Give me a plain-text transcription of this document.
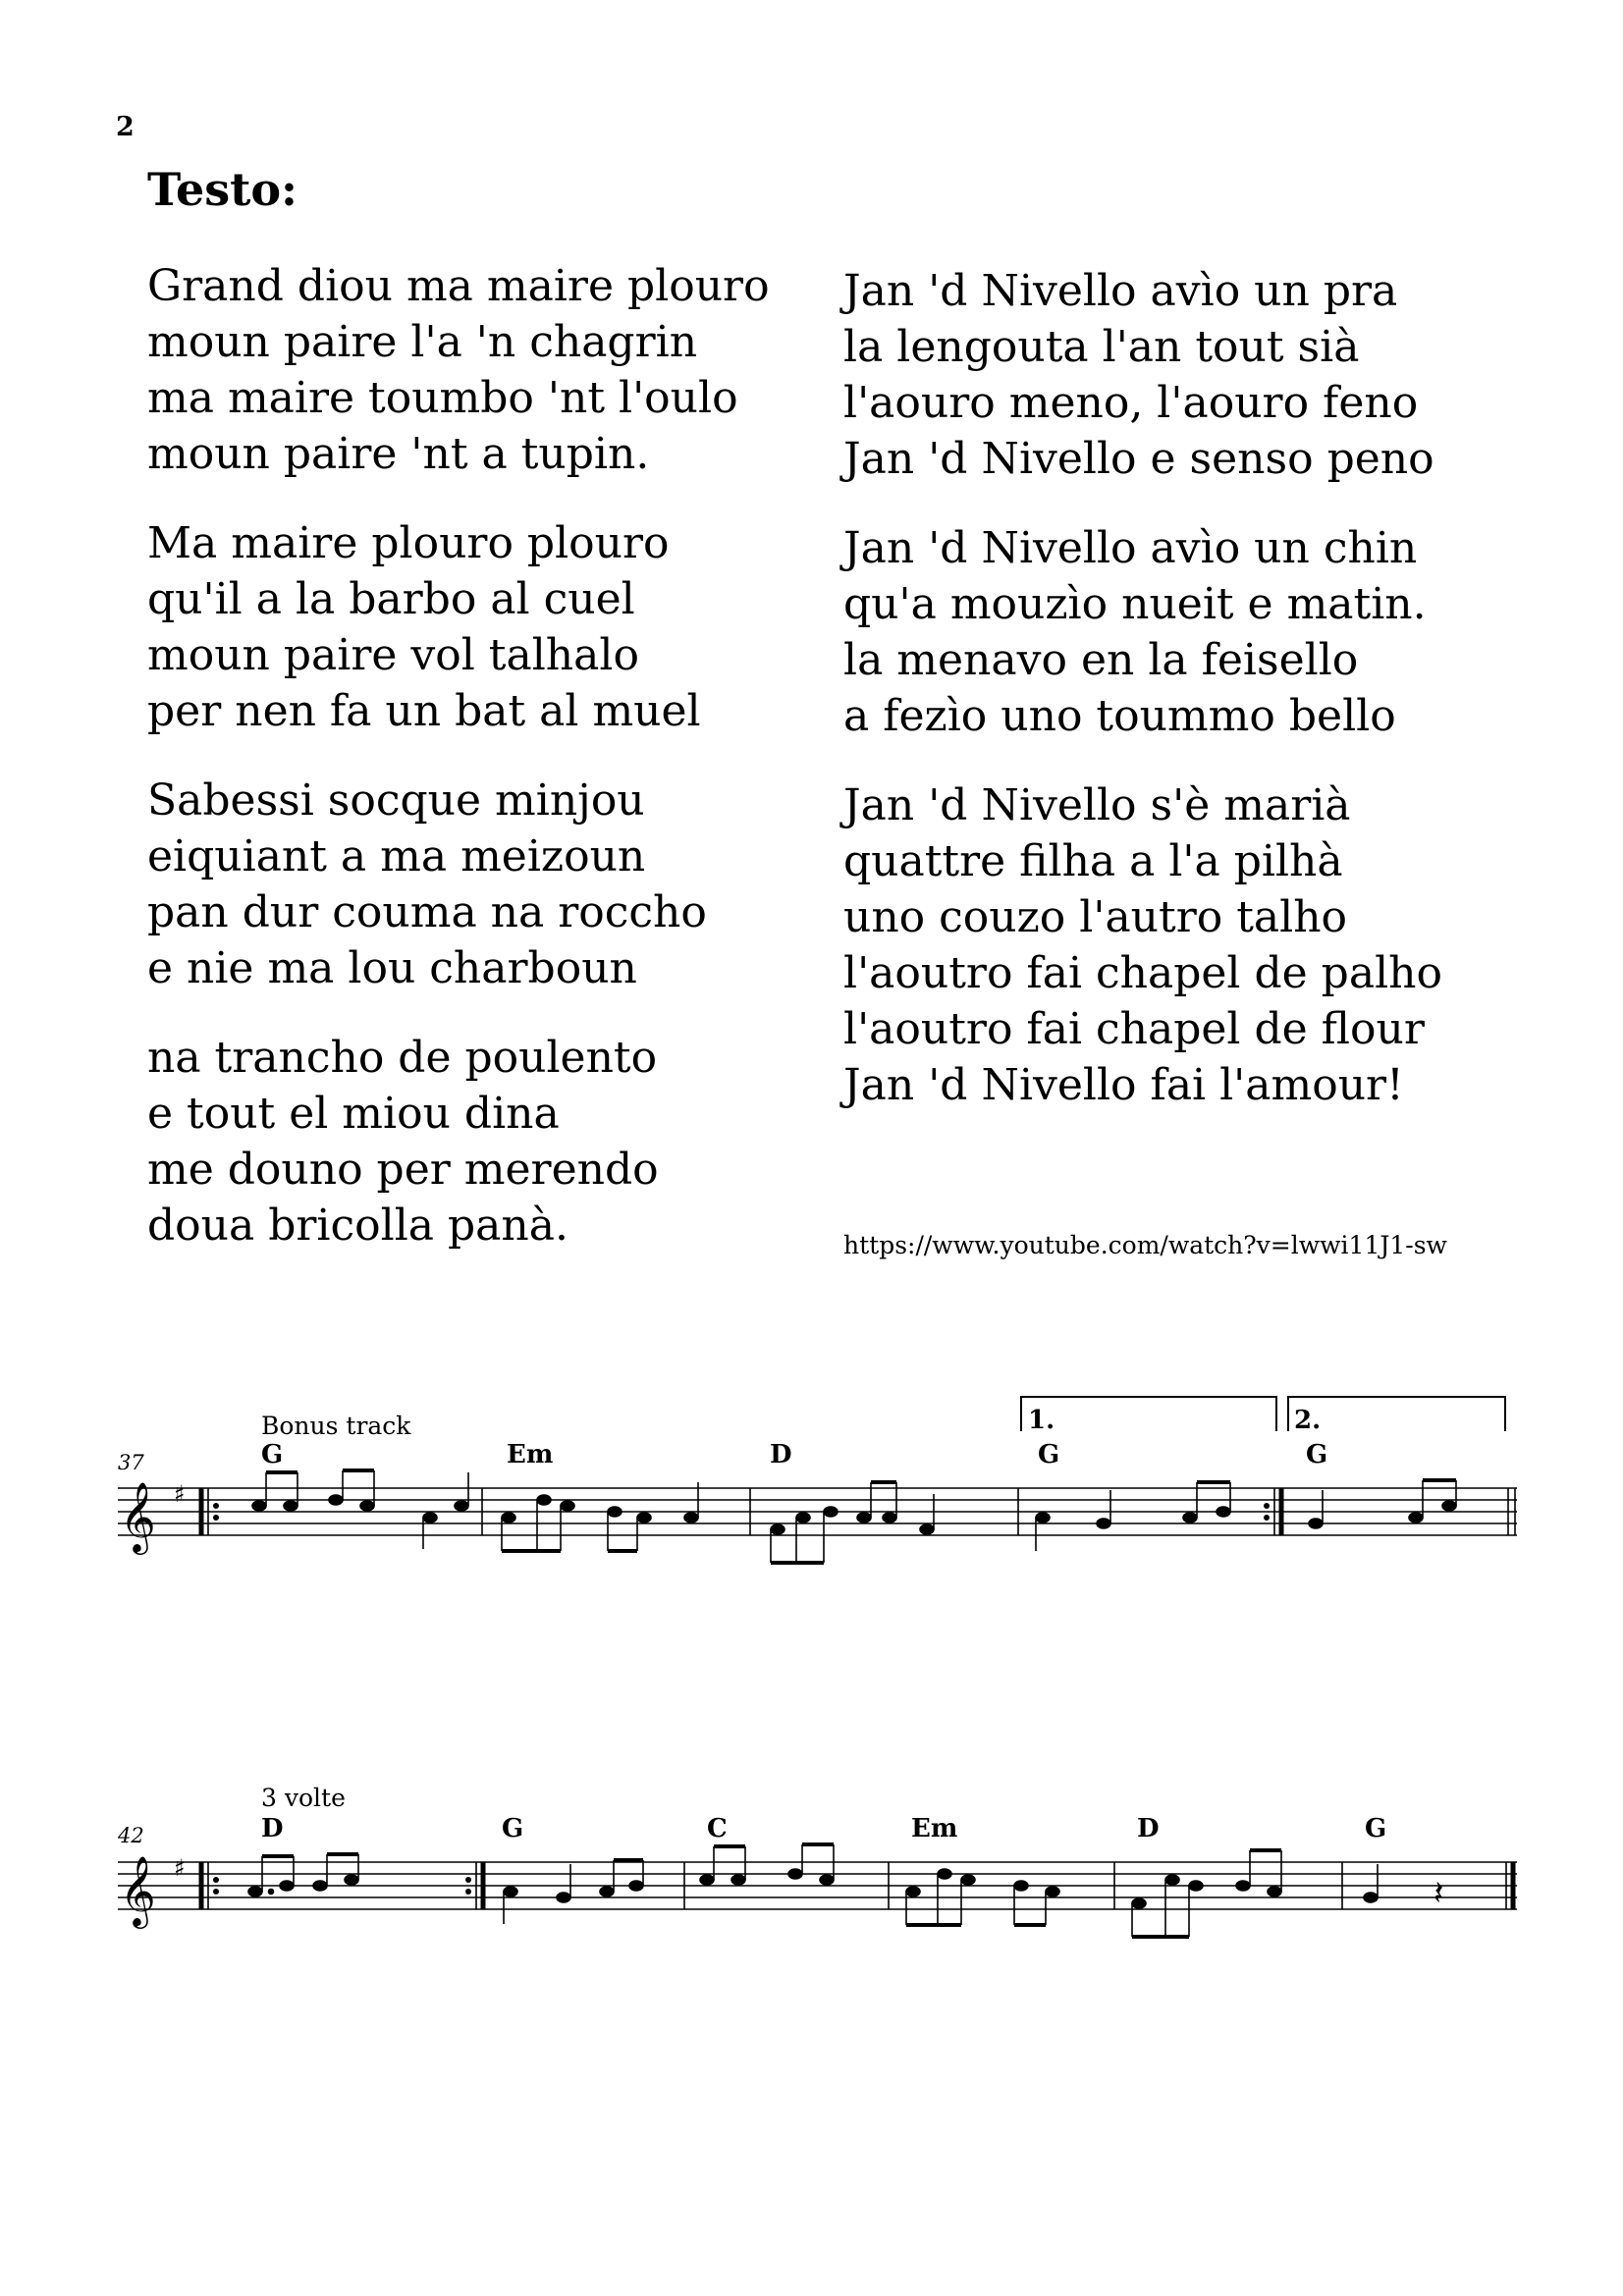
2
Testo:
Grand diou ma maire plouro
moun paire l'a 'n chagrin
ma maire toumbo 'nt l'oulo
moun paire 'nt a tupin.
Ma maire plouro plouro
qu'il a la barbo al cuel
moun paire vol talhalo
per nen fa un bat al muel
Sabessi socque minjou
eiquiant a ma meizoun
pan dur couma na roccho
e nie ma lou charboun
na trancho de poulento
e tout el miou dina
me douno per merendo
doua bricolla panà.
Jan 'd Nivello avìo un pra
la lengouta l'an tout sià
l'aouro meno, l'aouro feno
Jan 'd Nivello e senso peno
Jan 'd Nivello avìo un chin
qu'a mouzìo nueit e matin.
la menavo en la feisello
a fezìo uno toummo bello
Jan 'd Nivello s'è marià
quattre filha a l'a pilhà
uno couzo l'autro talho
l'aoutro fai chapel de palho
l'aoutro fai chapel de flour
Jan 'd Nivello fai l'amour!
https://www.youtube.com/watch?v=lwwi11J1-sw
Bonus track
37	G	Em	D	G	G
1.	2.
𝄞 ♯
3 volte
42	D	G	C	Em	D	G
𝄞 ♯
𝄽
